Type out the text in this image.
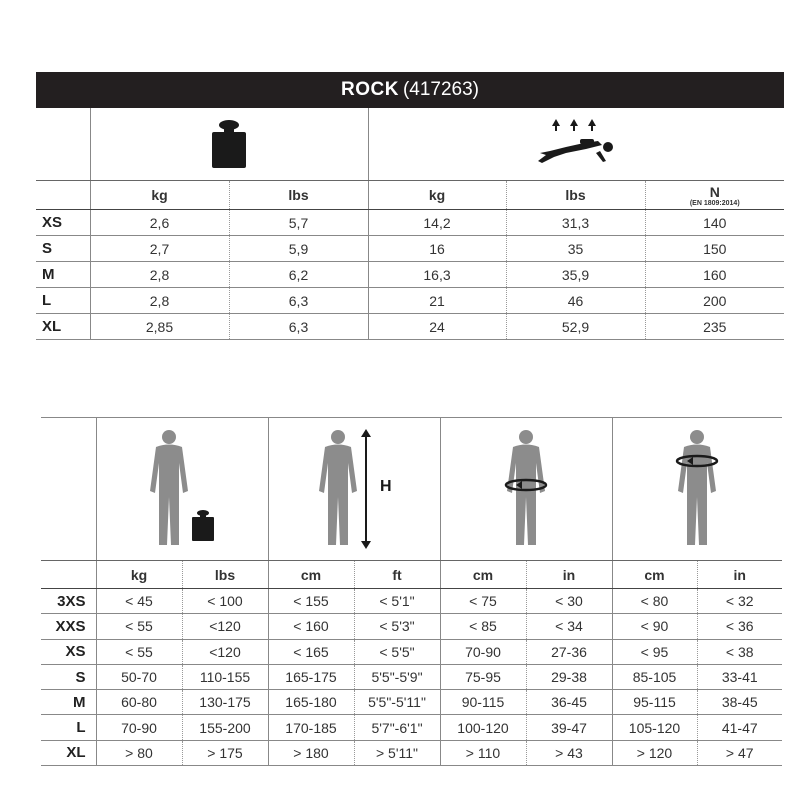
ROCK (417263)					

	kg	lbs	kg	lbs	N
(EN 1809:2014)

XS	2,6	5,7	14,2	31,3	140
S	2,7	5,9	16	35	150
M	2,8	6,2	16,3	35,9	160
L	2,8	6,3	21	46	200
XL	2,85	6,3	24	52,9	235

H

	kg	lbs	cm	ft	cm	in	cm	in
3XS	< 45	< 100	< 155	< 5'1"	< 75	< 30	< 80	< 32
XXS	< 55	<120	< 160	< 5'3"	< 85	< 34	< 90	< 36
XS	< 55	<120	< 165	< 5'5"	70-90	27-36	< 95	< 38
S	50-70	110-155	165-175	5'5"-5'9"	75-95	29-38	85-105	33-41
M	60-80	130-175	165-180	5'5"-5'11"	90-115	36-45	95-115	38-45
L	70-90	155-200	170-185	5'7"-6'1"	100-120	39-47	105-120	41-47
XL	> 80	> 175	> 180	> 5'11"	> 110	> 43	> 120	> 47
